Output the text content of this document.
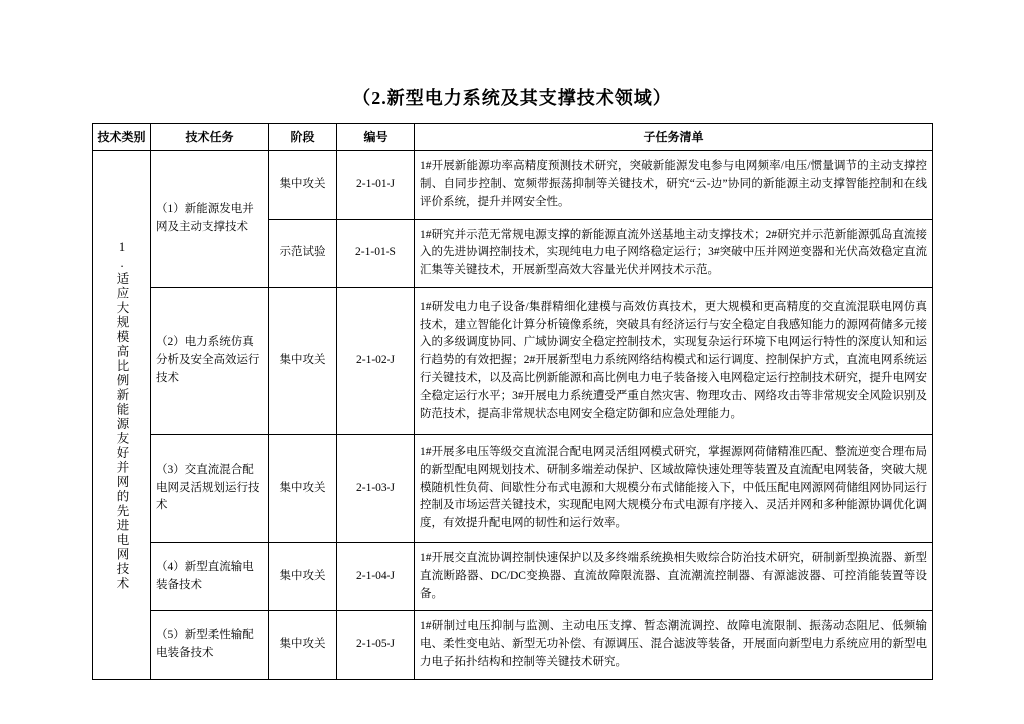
（2.新型电力系统及其支撑技术领域）
技术类别	技术任务	阶段	编号	子任务清单

1.适应大规模高比例新能源友好并网的先进电网技术	（1）新能源发电并网及主动支撑技术	集中攻关	2-1-01-J	1#开展新能源功率高精度预测技术研究，突破新能源发电参与电网频率/电压/惯量调节的主动支撑控制、自同步控制、宽频带振荡抑制等关键技术，研究“云-边”协同的新能源主动支撑智能控制和在线评价系统，提升并网安全性。
		示范试验	2-1-01-S	1#研究并示范无常规电源支撑的新能源直流外送基地主动支撑技术；2#研究并示范新能源弧岛直流接入的先进协调控制技术，实现纯电力电子网络稳定运行；3#突破中压并网逆变器和光伏高效稳定直流汇集等关键技术，开展新型高效大容量光伏并网技术示范。
	（2）电力系统仿真分析及安全高效运行技术	集中攻关	2-1-02-J	1#研发电力电子设备/集群精细化建模与高效仿真技术，更大规模和更高精度的交直流混联电网仿真技术，建立智能化计算分析镜像系统，突破具有经济运行与安全稳定自我感知能力的源网荷储多元接入的多级调度协同、广域协调安全稳定控制技术，实现复杂运行环境下电网运行特性的深度认知和运行趋势的有效把握；2#开展新型电力系统网络结构模式和运行调度、控制保护方式，直流电网系统运行关键技术，以及高比例新能源和高比例电力电子装备接入电网稳定运行控制技术研究，提升电网安全稳定运行水平；3#开展电力系统遭受严重自然灾害、物理攻击、网络攻击等非常规安全风险识别及防范技术，提高非常规状态电网安全稳定防御和应急处理能力。
	（3）交直流混合配电网灵活规划运行技术	集中攻关	2-1-03-J	1#开展多电压等级交直流混合配电网灵活组网模式研究，掌握源网荷储精准匹配、整流逆变合理布局的新型配电网规划技术、研制多端差动保护、区域故障快速处理等装置及直流配电网装备，突破大规模随机性负荷、间歇性分布式电源和大规模分布式储能接入下，中低压配电网源网荷储组网协同运行控制及市场运营关键技术，实现配电网大规模分布式电源有序接入、灵活并网和多种能源协调优化调度，有效提升配电网的韧性和运行效率。
	（4）新型直流输电装备技术	集中攻关	2-1-04-J	1#开展交直流协调控制快速保护以及多终端系统换相失败综合防治技术研究，研制新型换流器、新型直流断路器、DC/DC变换器、直流故障限流器、直流潮流控制器、有源滤波器、可控消能装置等设备。
	（5）新型柔性输配电装备技术	集中攻关	2-1-05-J	1#研制过电压抑制与监测、主动电压支撑、暂态潮流调控、故障电流限制、振荡动态阻尼、低频输电、柔性变电站、新型无功补偿、有源调压、混合滤波等装备，开展面向新型电力系统应用的新型电力电子拓扑结构和控制等关键技术研究。
